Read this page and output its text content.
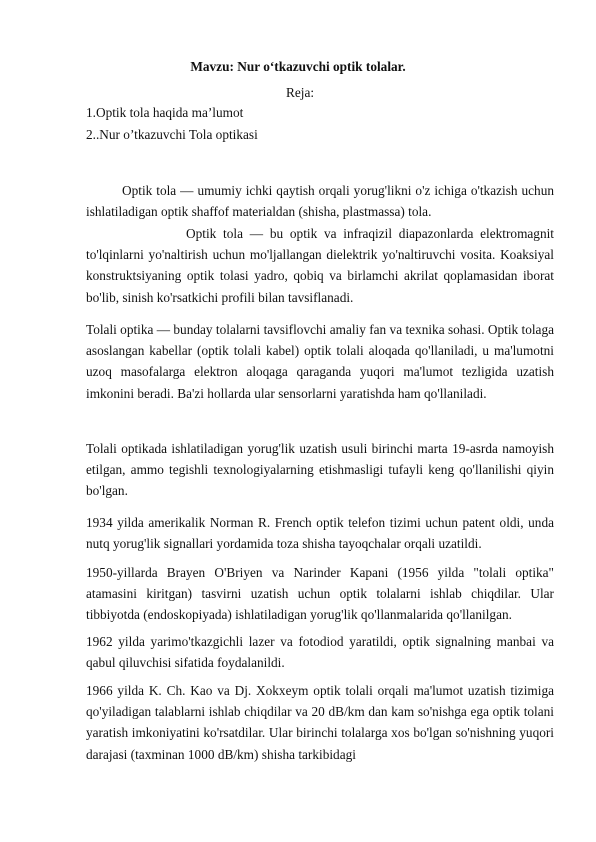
Mavzu: Nur o‘tkazuvchi optik tolalar.
Reja:
1.Optik tola haqida ma’lumot
2..Nur o’tkazuvchi Tola optikasi

Optik tola — umumiy ichki qaytish orqali yorug'likni o'z ichiga o'tkazish uchun ishlatiladigan optik shaffof materialdan (shisha, plastmassa) tola.

Optik tola — bu optik va infraqizil diapazonlarda elektromagnit to'lqinlarni yo'naltirish uchun mo'ljallangan dielektrik yo'naltiruvchi vosita. Koaksiyal konstruktsiyaning optik tolasi yadro, qobiq va birlamchi akrilat qoplamasidan iborat bo'lib, sinish ko'rsatkichi profili bilan tavsiflanadi.

Tolali optika — bunday tolalarni tavsiflovchi amaliy fan va texnika sohasi. Optik tolaga asoslangan kabellar (optik tolali kabel) optik tolali aloqada qo'llaniladi, u ma'lumotni uzoq masofalarga elektron aloqaga qaraganda yuqori ma'lumot tezligida uzatish imkonini beradi. Ba'zi hollarda ular sensorlarni yaratishda ham qo'llaniladi.

Tolali optikada ishlatiladigan yorug'lik uzatish usuli birinchi marta 19-asrda namoyish etilgan, ammo tegishli texnologiyalarning etishmasligi tufayli keng qo'llanilishi qiyin bo'lgan.

1934 yilda amerikalik Norman R. French optik telefon tizimi uchun patent oldi, unda nutq yorug'lik signallari yordamida toza shisha tayoqchalar orqali uzatildi.

1950-yillarda Brayen O'Briyen va Narinder Kapani (1956 yilda "tolali optika" atamasini kiritgan) tasvirni uzatish uchun optik tolalarni ishlab chiqdilar. Ular tibbiyotda (endoskopiyada) ishlatiladigan yorug'lik qo'llanmalarida qo'llanilgan.

1962 yilda yarimo'tkazgichli lazer va fotodiod yaratildi, optik signalning manbai va qabul qiluvchisi sifatida foydalanildi.

1966 yilda K. Ch. Kao va Dj. Xokxeym optik tolali orqali ma'lumot uzatish tizimiga qo'yiladigan talablarni ishlab chiqdilar va 20 dB/km dan kam so'nishga ega optik tolani yaratish imkoniyatini ko'rsatdilar. Ular birinchi tolalarga xos bo'lgan so'nishning yuqori darajasi (taxminan 1000 dB/km) shisha tarkibidagi
